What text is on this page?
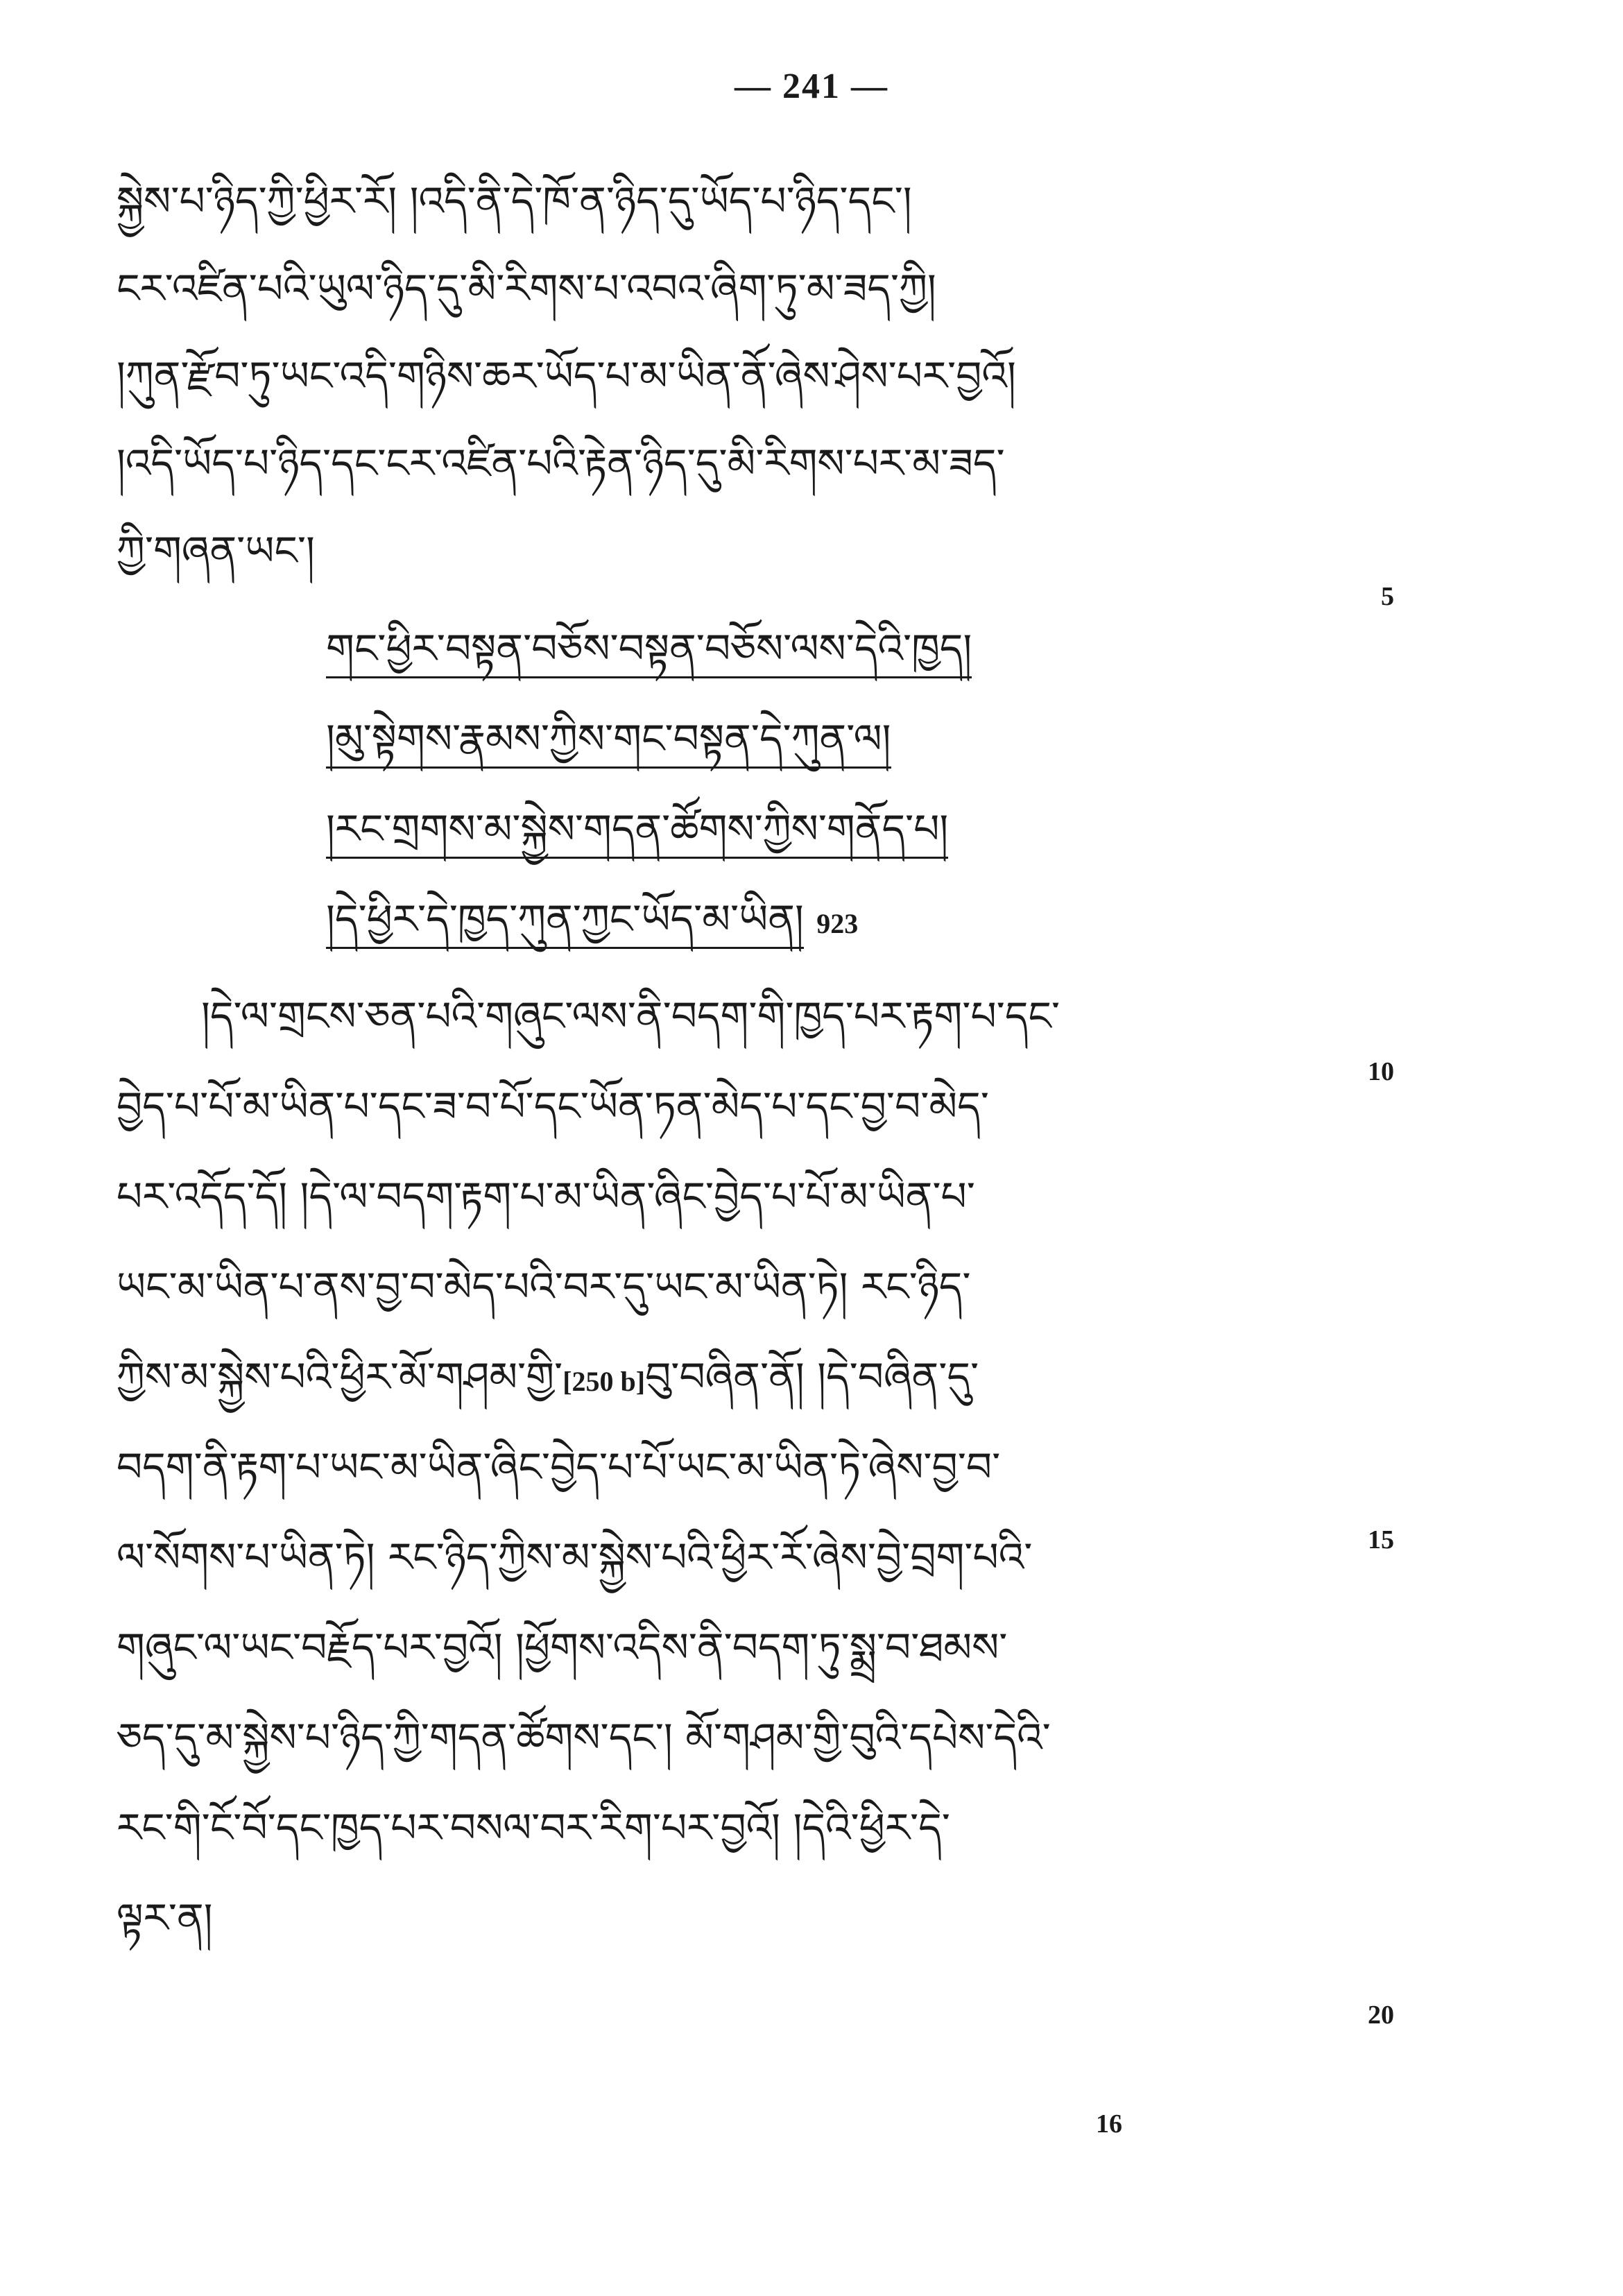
— 241 —
སྐྱེས་པ་ཉིད་ཀྱི་ཕྱིར་རོ། །འདི་ནི་དེ་ཁོ་ན་ཉིད་དུ་ཡོད་པ་ཉིད་དང་།
ངར་འཛིན་པའི་ཡུལ་ཉིད་དུ་མི་རིགས་པ་འབའ་ཞིག་ཏུ་མ་ཟད་ཀྱི།
།ཀུན་རྫོབ་ཏུ་ཡང་འདི་གཉིས་ཆར་ཡོད་པ་མ་ཡིན་ནོ་ཞེས་ཤེས་པར་བྱའོ།
།འདི་ཡོད་པ་ཉིད་དང་ངར་འཛིན་པའི་རྟེན་ཉིད་དུ་མི་རིགས་པར་མ་ཟད་
ཀྱི་གཞན་ཡང་།
གང་ཕྱིར་བསྟན་བཅོས་བསྟན་བཅོས་ལས་དེའི་ཁྱད།
།མུ་སྟེགས་རྣམས་ཀྱིས་གང་བསྟན་དེ་ཀུན་ལ།
།རང་གྲགས་མ་སྐྱེས་གདན་ཚོགས་ཀྱིས་གནོད་པ།
།དེ་ཕྱིར་དེ་ཁྱད་ཀུན་ཀྱང་ཡོད་མ་ཡིན། 923
།དེ་ལ་གྲངས་ཅན་པའི་གཞུང་ལས་ནི་བདག་གི་ཁྱད་པར་རྟག་པ་དང་
བྱེད་པ་པོ་མ་ཡིན་པ་དང་ཟ་བ་པོ་དང་ཡོན་ཏན་མེད་པ་དང་བྱ་བ་མེད་
པར་འདོད་དོ། །དེ་ལ་བདག་རྟག་པ་མ་ཡིན་ཞིང་བྱེད་པ་པོ་མ་ཡིན་པ་
ཡང་མ་ཡིན་པ་ནས་བྱ་བ་མེད་པའི་བར་དུ་ཡང་མ་ཡིན་ཏེ། རང་ཉིད་
ཀྱིས་མ་སྐྱེས་པའི་ཕྱིར་མོ་གཤམ་གྱི་[250 b]བུ་བཞིན་ནོ། །དེ་བཞིན་དུ་
བདག་ནི་རྟག་པ་ཡང་མ་ཡིན་ཞིང་བྱེད་པ་པོ་ཡང་མ་ཡིན་ཏེ་ཞེས་བྱ་བ་
ལ་སོགས་པ་ཡིན་ཏེ། རང་ཉིད་ཀྱིས་མ་སྐྱེས་པའི་ཕྱིར་རོ་ཞེས་བྱེ་བྲག་པའི་
གཞུང་ལ་ཡང་བརྗོད་པར་བྱའོ། །ཕྱོགས་འདིས་ནི་བདག་ཏུ་སྨྲ་བ་ཐམས་
ཅད་དུ་མ་སྐྱེས་པ་ཉིད་ཀྱི་གདན་ཚོགས་དང་། མོ་གཤམ་གྱི་བུའི་དཔེས་དེའི་
རང་གི་ངོ་བོ་དང་ཁྱད་པར་བསལ་བར་རིག་པར་བྱའོ། །དེའི་ཕྱིར་དེ་
ལྟར་ན།
5
10
15
20
16
